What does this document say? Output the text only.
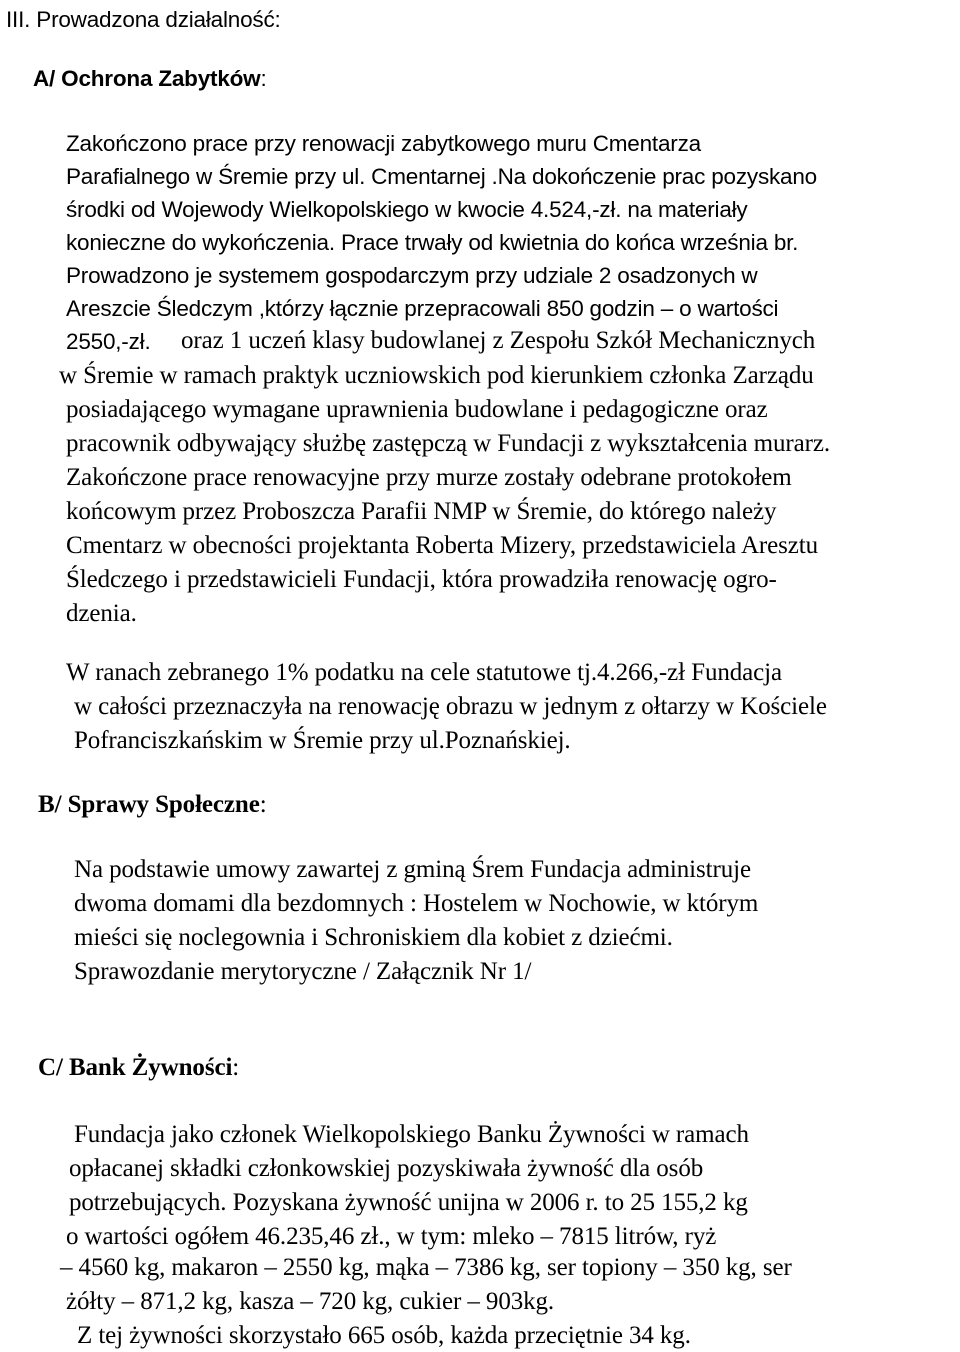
III. Prowadzona działalność:
A/ Ochrona Zabytków:
Zakończono prace przy renowacji zabytkowego muru Cmentarza
Parafialnego w Śremie przy ul. Cmentarnej .Na dokończenie prac pozyskano
środki od Wojewody Wielkopolskiego w kwocie 4.524,-zł. na materiały
konieczne do wykończenia. Prace trwały od kwietnia do końca września br.
Prowadzono je systemem gospodarczym przy udziale 2 osadzonych w
Areszcie Śledczym ,którzy łącznie przepracowali 850 godzin – o wartości
2550,-zł. oraz 1 uczeń klasy budowlanej z Zespołu Szkół Mechanicznych
w Śremie w ramach praktyk uczniowskich pod kierunkiem członka Zarządu
posiadającego wymagane uprawnienia budowlane i pedagogiczne oraz
pracownik odbywający służbę zastępczą w Fundacji z wykształcenia murarz.
Zakończone prace renowacyjne przy murze zostały odebrane protokołem
końcowym przez Proboszcza Parafii NMP w Śremie, do którego należy
Cmentarz w obecności projektanta Roberta Mizery, przedstawiciela Aresztu
Śledczego i przedstawicieli Fundacji, która prowadziła renowację ogro-
dzenia.
W ranach zebranego 1% podatku na cele statutowe tj.4.266,-zł Fundacja
w całości przeznaczyła na renowację obrazu w jednym z ołtarzy w Kościele
Pofranciszkańskim w Śremie przy ul.Poznańskiej.
B/ Sprawy Społeczne:
Na podstawie umowy zawartej z gminą Śrem Fundacja administruje
dwoma domami dla bezdomnych : Hostelem w Nochowie, w którym
mieści się noclegownia i Schroniskiem dla kobiet z dziećmi.
Sprawozdanie merytoryczne / Załącznik Nr 1/
C/ Bank Żywności:
Fundacja jako członek Wielkopolskiego Banku Żywności w ramach
opłacanej składki członkowskiej pozyskiwała żywność dla osób
potrzebujących. Pozyskana żywność unijna w 2006 r. to 25 155,2 kg
o wartości ogółem 46.235,46 zł., w tym: mleko – 7815 litrów, ryż
– 4560 kg, makaron – 2550 kg, mąka – 7386 kg, ser topiony – 350 kg, ser
żółty – 871,2 kg, kasza – 720 kg, cukier – 903kg.
Z tej żywności skorzystało 665 osób, każda przeciętnie 34 kg.
